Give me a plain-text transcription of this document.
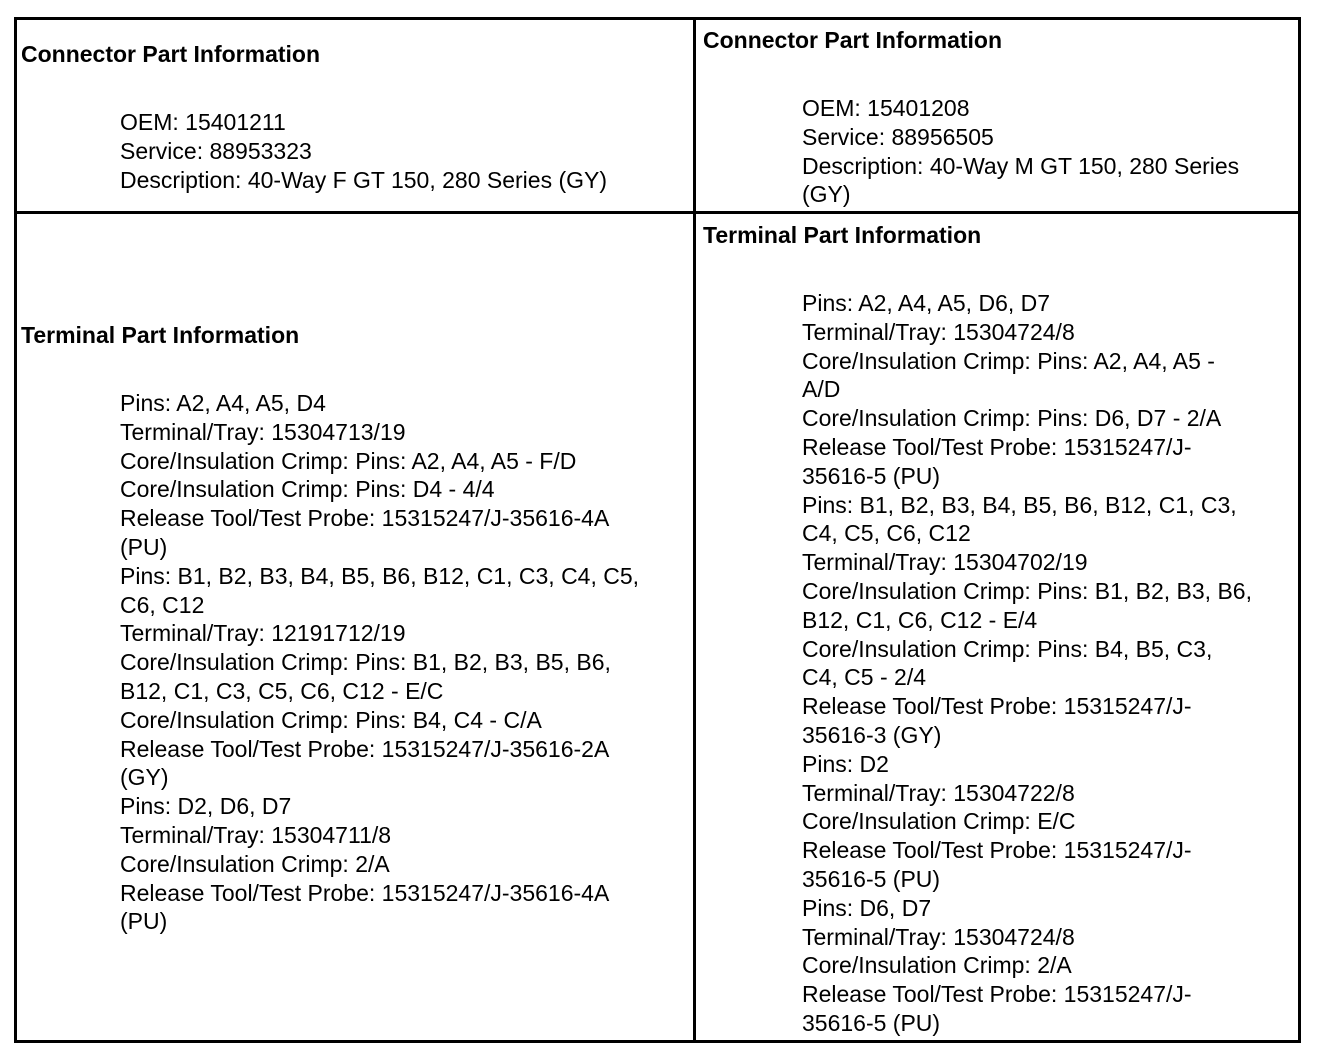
Connector Part Information
OEM: 15401211
Service: 88953323
Description: 40-Way F GT 150, 280 Series (GY)
Connector Part Information
OEM: 15401208
Service: 88956505
Description: 40-Way M GT 150, 280 Series
(GY)
Terminal Part Information
Pins: A2, A4, A5, D4
Terminal/Tray: 15304713/19
Core/Insulation Crimp: Pins: A2, A4, A5 - F/D
Core/Insulation Crimp: Pins: D4 - 4/4
Release Tool/Test Probe: 15315247/J-35616-4A
(PU)
Pins: B1, B2, B3, B4, B5, B6, B12, C1, C3, C4, C5,
C6, C12
Terminal/Tray: 12191712/19
Core/Insulation Crimp: Pins: B1, B2, B3, B5, B6,
B12, C1, C3, C5, C6, C12 - E/C
Core/Insulation Crimp: Pins: B4, C4 - C/A
Release Tool/Test Probe: 15315247/J-35616-2A
(GY)
Pins: D2, D6, D7
Terminal/Tray: 15304711/8
Core/Insulation Crimp: 2/A
Release Tool/Test Probe: 15315247/J-35616-4A
(PU)
Terminal Part Information
Pins: A2, A4, A5, D6, D7
Terminal/Tray: 15304724/8
Core/Insulation Crimp: Pins: A2, A4, A5 -
A/D
Core/Insulation Crimp: Pins: D6, D7 - 2/A
Release Tool/Test Probe: 15315247/J-
35616-5 (PU)
Pins: B1, B2, B3, B4, B5, B6, B12, C1, C3,
C4, C5, C6, C12
Terminal/Tray: 15304702/19
Core/Insulation Crimp: Pins: B1, B2, B3, B6,
B12, C1, C6, C12 - E/4
Core/Insulation Crimp: Pins: B4, B5, C3,
C4, C5 - 2/4
Release Tool/Test Probe: 15315247/J-
35616-3 (GY)
Pins: D2
Terminal/Tray: 15304722/8
Core/Insulation Crimp: E/C
Release Tool/Test Probe: 15315247/J-
35616-5 (PU)
Pins: D6, D7
Terminal/Tray: 15304724/8
Core/Insulation Crimp: 2/A
Release Tool/Test Probe: 15315247/J-
35616-5 (PU)
